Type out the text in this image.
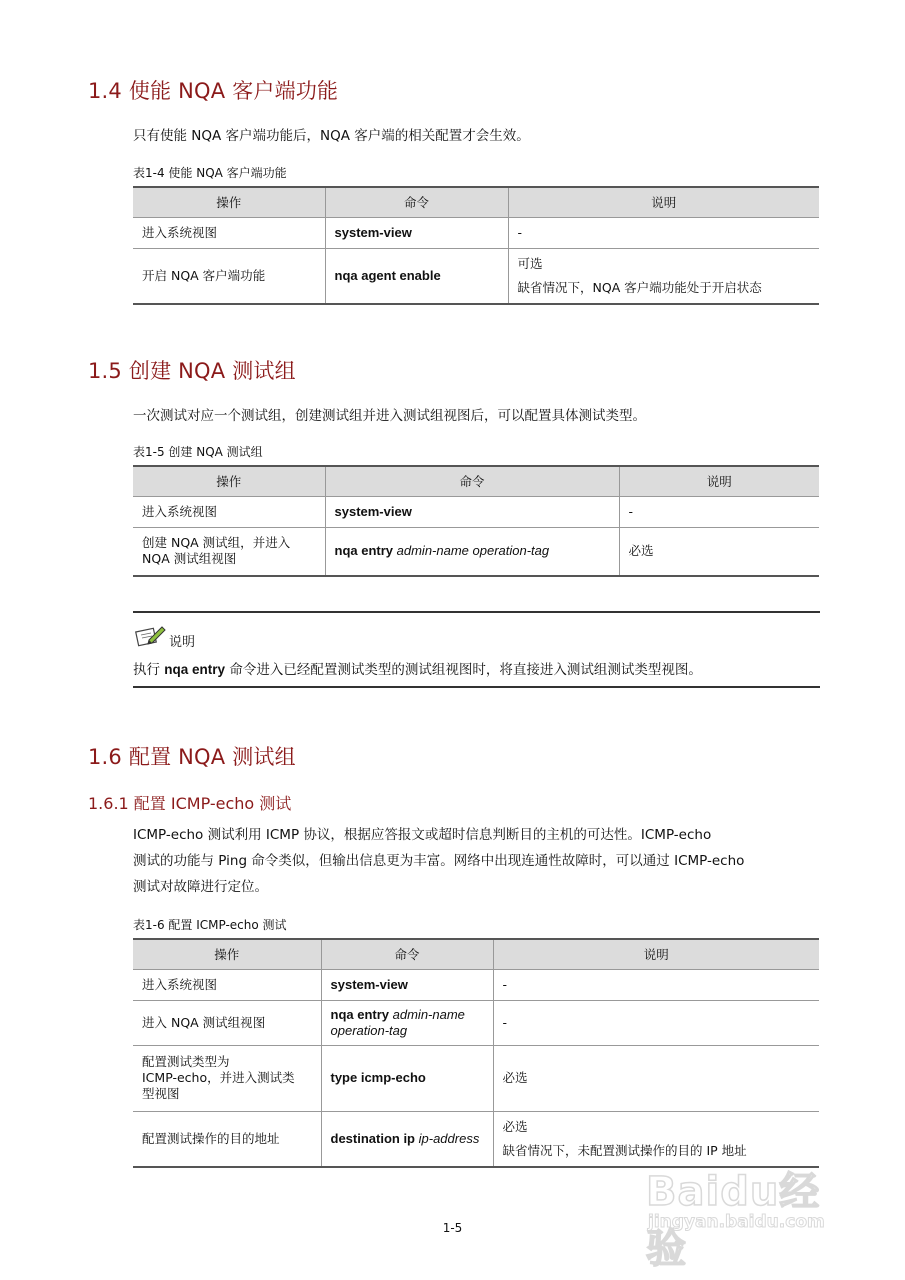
1.4 使能 NQA 客户端功能
只有使能 NQA 客户端功能后，NQA 客户端的相关配置才会生效。
表1-4 使能 NQA 客户端功能
操作	命令	说明
进入系统视图	system-view	-
开启 NQA 客户端功能	nqa agent enable	可选
缺省情况下，NQA 客户端功能处于开启状态
1.5 创建 NQA 测试组
一次测试对应一个测试组，创建测试组并进入测试组视图后，可以配置具体测试类型。
表1-5 创建 NQA 测试组
操作	命令	说明
进入系统视图	system-view	-

创建 NQA 测试组，并进入
NQA 测试组视图	nqa entry admin-name operation-tag	必选
说明
执行 nqa entry 命令进入已经配置测试类型的测试组视图时，将直接进入测试组测试类型视图。
1.6 配置 NQA 测试组
1.6.1 配置 ICMP-echo 测试
ICMP-echo 测试利用 ICMP 协议，根据应答报文或超时信息判断目的主机的可达性。ICMP-echo
测试的功能与 Ping 命令类似，但输出信息更为丰富。网络中出现连通性故障时，可以通过 ICMP-echo
测试对故障进行定位。
表1-6 配置 ICMP-echo 测试
操作	命令	说明
进入系统视图	system-view	-
进入 NQA 测试组视图	nqa entry admin-name
operation-tag	-

配置测试类型为
ICMP-echo，并进入测试类
型视图	type icmp-echo	必选
配置测试操作的目的地址	destination ip ip-address	必选
缺省情况下，未配置测试操作的目的 IP 地址
Baidu经验
jingyan.baidu.com
1-5
